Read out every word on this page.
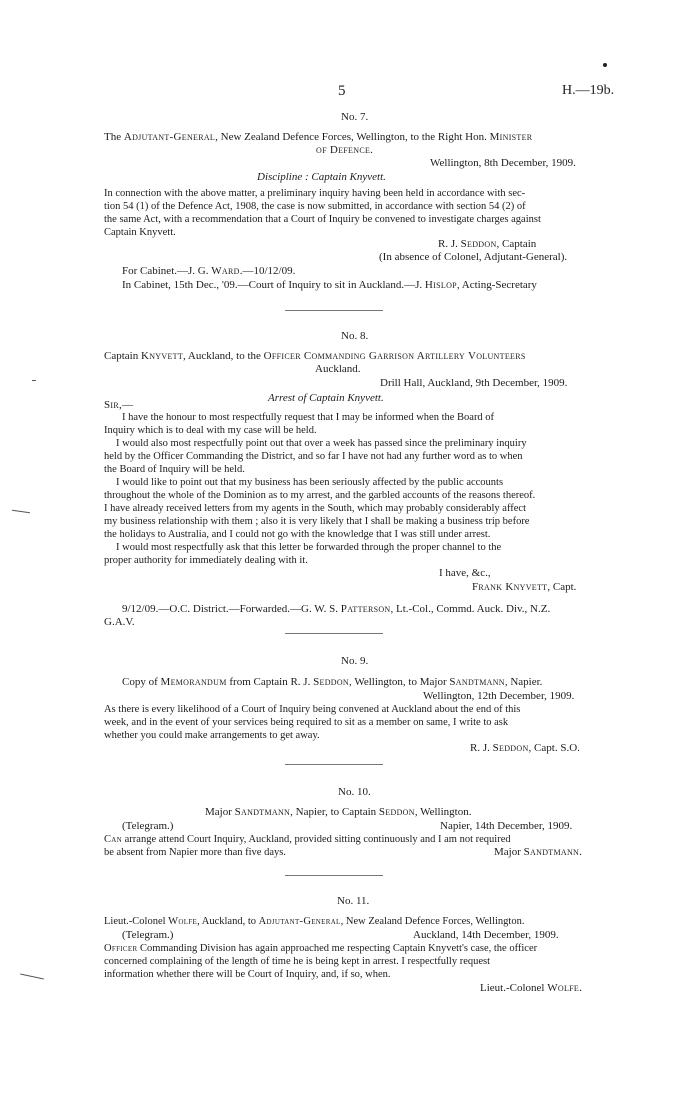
5	H.—19b.
No. 7.
The Adjutant-General, New Zealand Defence Forces, Wellington, to the Right Hon. Minister
of Defence.
Wellington, 8th December, 1909.
Discipline : Captain Knyvett.
In connection with the above matter, a preliminary inquiry having been held in accordance with sec-
tion 54 (1) of the Defence Act, 1908, the case is now submitted, in accordance with section 54 (2) of
the same Act, with a recommendation that a Court of Inquiry be convened to investigate charges against
Captain Knyvett.
R. J. Seddon, Captain
(In absence of Colonel, Adjutant-General).
For Cabinet.—J. G. Ward.—10/12/09.
In Cabinet, 15th Dec., '09.—Court of Inquiry to sit in Auckland.—J. Hislop, Acting-Secretary
No. 8.
Captain Knyvett, Auckland, to the Officer Commanding Garrison Artillery Volunteers
Auckland.
Drill Hall, Auckland, 9th December, 1909.
Sir,—
Arrest of Captain Knyvett.
I have the honour to most respectfully request that I may be informed when the Board of
Inquiry which is to deal with my case will be held.
I would also most respectfully point out that over a week has passed since the preliminary inquiry
held by the Officer Commanding the District, and so far I have not had any further word as to when
the Board of Inquiry will be held.
I would like to point out that my business has been seriously affected by the public accounts
throughout the whole of the Dominion as to my arrest, and the garbled accounts of the reasons thereof.
I have already received letters from my agents in the South, which may probably considerably affect
my business relationship with them ; also it is very likely that I shall be making a business trip before
the holidays to Australia, and I could not go with the knowledge that I was still under arrest.
I would most respectfully ask that this letter be forwarded through the proper channel to the
proper authority for immediately dealing with it.
I have, &c.,
Frank Knyvett, Capt.
9/12/09.—O.C. District.—Forwarded.—G. W. S. Patterson, Lt.-Col., Commd. Auck. Div., N.Z.
G.A.V.
No. 9.
Copy of Memorandum from Captain R. J. Seddon, Wellington, to Major Sandtmann, Napier.
Wellington, 12th December, 1909.
As there is every likelihood of a Court of Inquiry being convened at Auckland about the end of this
week, and in the event of your services being required to sit as a member on same, I write to ask
whether you could make arrangements to get away.
R. J. Seddon, Capt. S.O.
No. 10.
Major Sandtmann, Napier, to Captain Seddon, Wellington.
(Telegram.)	Napier, 14th December, 1909.
Can arrange attend Court Inquiry, Auckland, provided sitting continuously and I am not required
be absent from Napier more than five days.	Major Sandtmann.
No. 11.
Lieut.-Colonel Wolfe, Auckland, to Adjutant-General, New Zealand Defence Forces, Wellington.
(Telegram.)	Auckland, 14th December, 1909.
Officer Commanding Division has again approached me respecting Captain Knyvett's case, the officer
concerned complaining of the length of time he is being kept in arrest. I respectfully request
information whether there will be Court of Inquiry, and, if so, when.
Lieut.-Colonel Wolfe.
